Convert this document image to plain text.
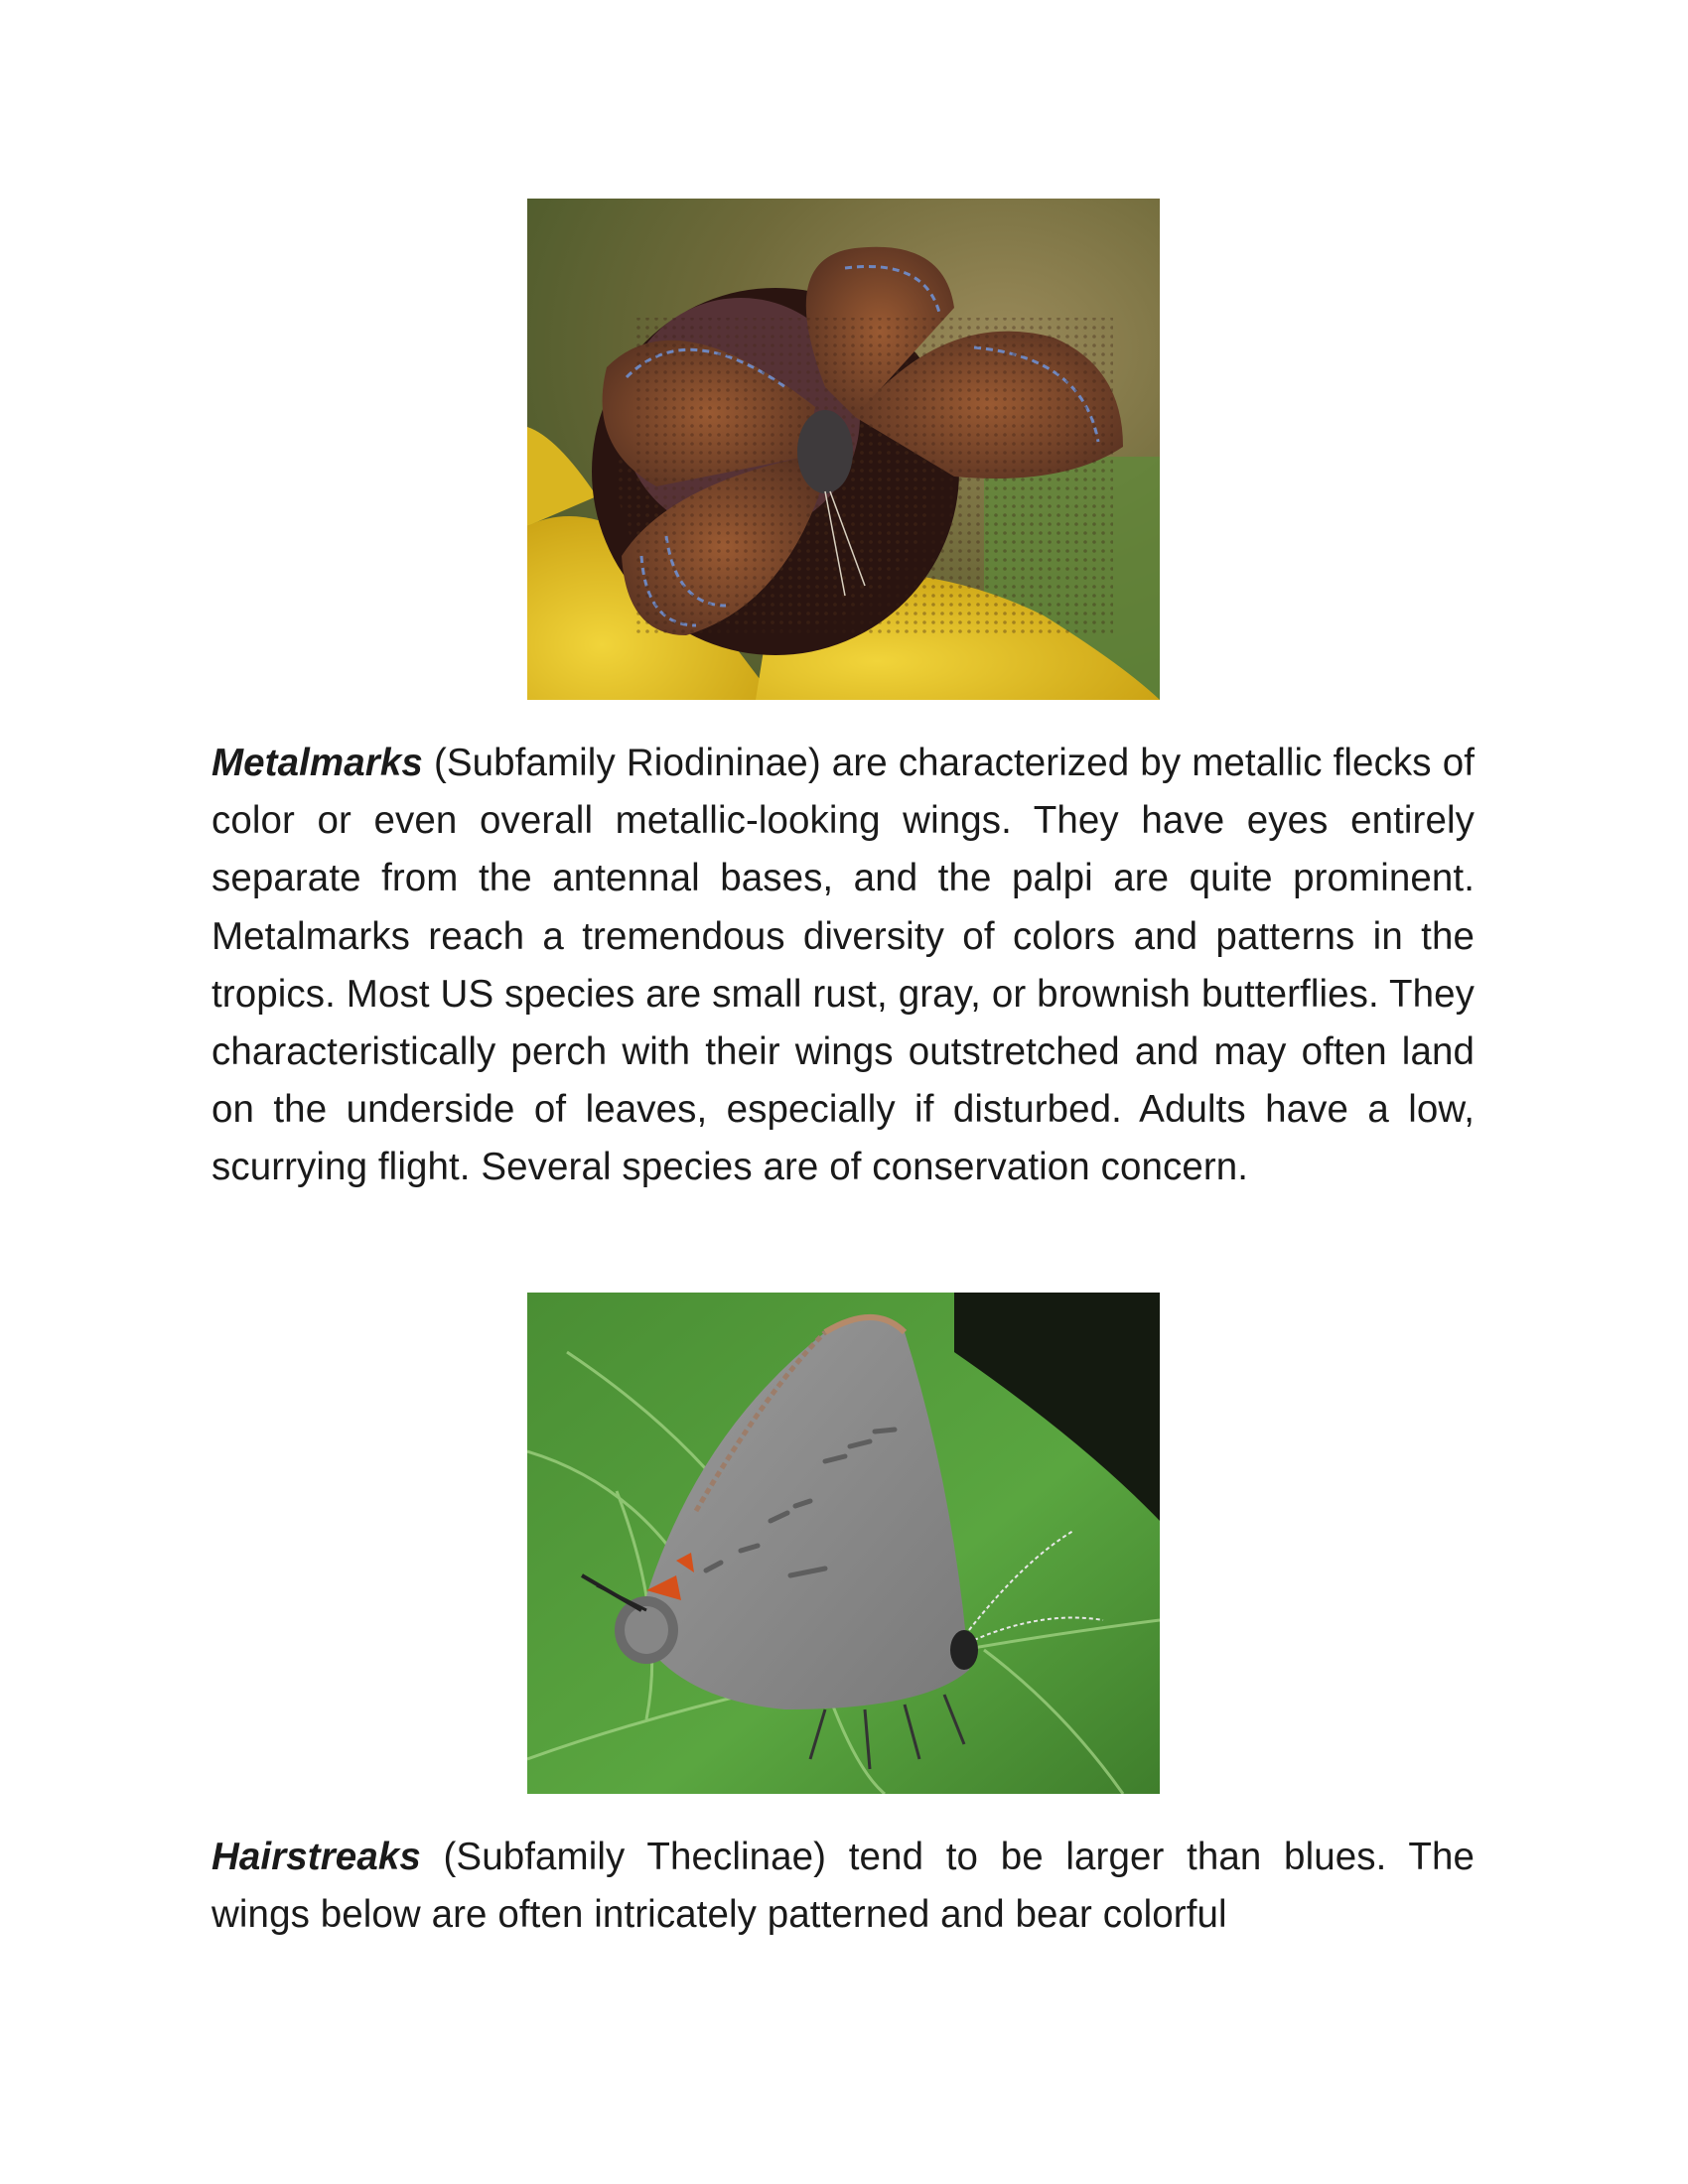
Metalmarks (Subfamily Riodininae) are characterized by metallic flecks of color or even overall metallic-looking wings. They have eyes entirely separate from the antennal bases, and the palpi are quite prominent. Metalmarks reach a tremendous diversity of colors and patterns in the tropics. Most US species are small rust, gray, or brownish butterflies. They characteristically perch with their wings outstretched and may often land on the underside of leaves, especially if disturbed. Adults have a low, scurrying flight. Several species are of conservation concern.

Hairstreaks (Subfamily Theclinae) tend to be larger than blues. The wings below are often intricately patterned and bear colorful
